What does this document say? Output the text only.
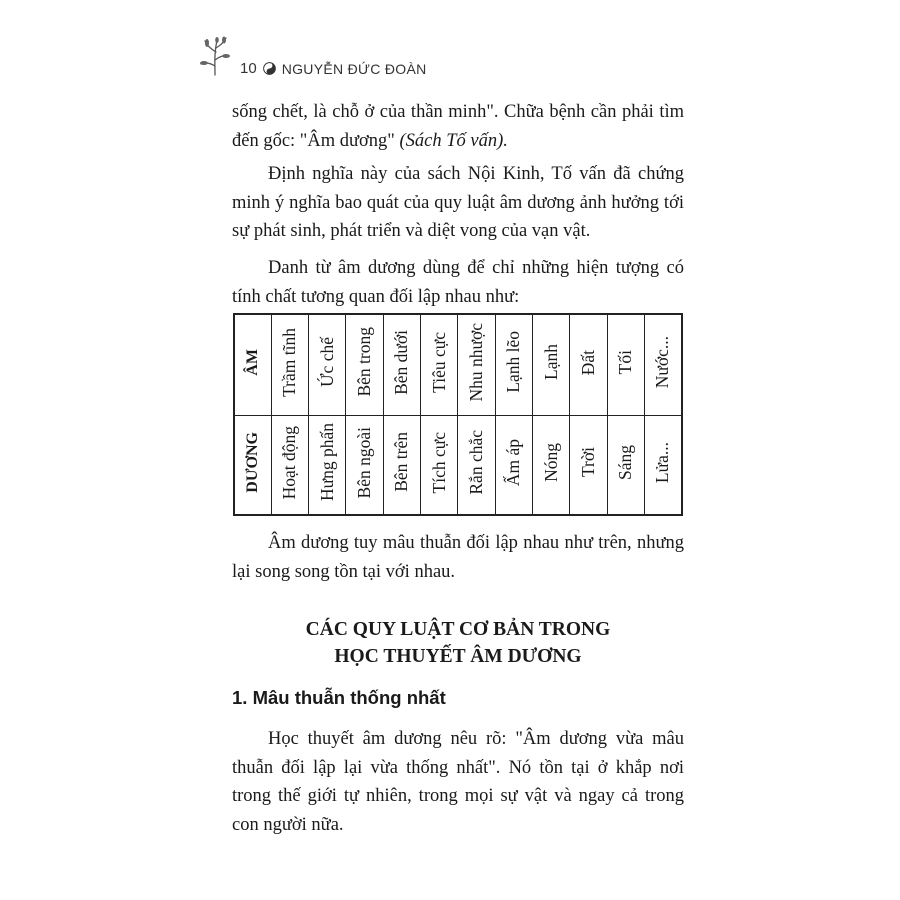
10 NGUYỄN ĐỨC ĐOÀN

sống chết, là chỗ ở của thần minh". Chữa bệnh cần phải tìm đến gốc: "Âm dương" (Sách Tố vấn).

Định nghĩa này của sách Nội Kinh, Tố vấn đã chứng minh ý nghĩa bao quát của quy luật âm dương ảnh hưởng tới sự phát sinh, phát triển và diệt vong của vạn vật.

Danh từ âm dương dùng để chỉ những hiện tượng có tính chất tương quan đối lập nhau như:

ÂM	Trầm tĩnh	Ức chế	Bên trong	Bên dưới	Tiêu cực	Nhu nhược	Lạnh lẽo	Lạnh	Đất	Tối	Nước...
DƯƠNG	Hoạt động	Hưng phấn	Bên ngoài	Bên trên	Tích cực	Rắn chắc	Ấm áp	Nóng	Trời	Sáng	Lửa...

Âm dương tuy mâu thuẫn đối lập nhau như trên, nhưng lại song song tồn tại với nhau.

CÁC QUY LUẬT CƠ BẢN TRONG
HỌC THUYẾT ÂM DƯƠNG
1. Mâu thuẫn thống nhất

Học thuyết âm dương nêu rõ: "Âm dương vừa mâu thuẫn đối lập lại vừa thống nhất". Nó tồn tại ở khắp nơi trong thế giới tự nhiên, trong mọi sự vật và ngay cả trong con người nữa.
